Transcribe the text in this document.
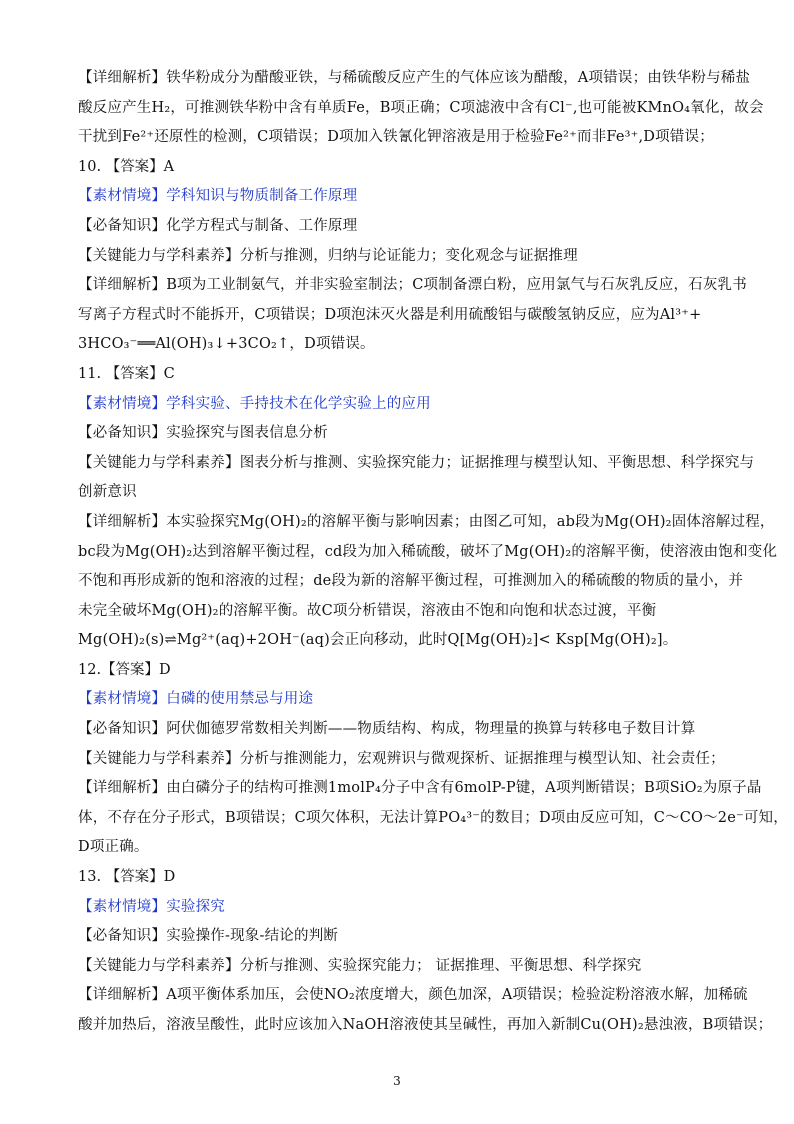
【详细解析】铁华粉成分为醋酸亚铁，与稀硫酸反应产生的气体应该为醋酸，A项错误；由铁华粉与稀盐
酸反应产生H₂，可推测铁华粉中含有单质Fe，B项正确；C项滤液中含有Cl⁻,也可能被KMnO₄氧化，故会
干扰到Fe²⁺还原性的检测，C项错误；D项加入铁氰化钾溶液是用于检验Fe²⁺而非Fe³⁺,D项错误；
10. 【答案】A
【素材情境】学科知识与物质制备工作原理
【必备知识】化学方程式与制备、工作原理
【关键能力与学科素养】分析与推测，归纳与论证能力；变化观念与证据推理
【详细解析】B项为工业制氨气，并非实验室制法；C项制备漂白粉，应用氯气与石灰乳反应，石灰乳书
写离子方程式时不能拆开，C项错误；D项泡沫灭火器是利用硫酸铝与碳酸氢钠反应，应为Al³⁺+
3HCO₃⁻══Al(OH)₃↓+3CO₂↑，D项错误。
11. 【答案】C
【素材情境】学科实验、手持技术在化学实验上的应用
【必备知识】实验探究与图表信息分析
【关键能力与学科素养】图表分析与推测、实验探究能力；证据推理与模型认知、平衡思想、科学探究与
创新意识
【详细解析】本实验探究Mg(OH)₂的溶解平衡与影响因素；由图乙可知，ab段为Mg(OH)₂固体溶解过程，
bc段为Mg(OH)₂达到溶解平衡过程，cd段为加入稀硫酸，破坏了Mg(OH)₂的溶解平衡，使溶液由饱和变化
不饱和再形成新的饱和溶液的过程；de段为新的溶解平衡过程，可推测加入的稀硫酸的物质的量小，并
未完全破坏Mg(OH)₂的溶解平衡。故C项分析错误，溶液由不饱和向饱和状态过渡，平衡
Mg(OH)₂(s)⇌Mg²⁺(aq)+2OH⁻(aq)会正向移动，此时Q[Mg(OH)₂]< Ksp[Mg(OH)₂]。
12.【答案】D
【素材情境】白磷的使用禁忌与用途
【必备知识】阿伏伽德罗常数相关判断——物质结构、构成，物理量的换算与转移电子数目计算
【关键能力与学科素养】分析与推测能力，宏观辨识与微观探析、证据推理与模型认知、社会责任；
【详细解析】由白磷分子的结构可推测1molP₄分子中含有6molP-P键，A项判断错误；B项SiO₂为原子晶
体，不存在分子形式，B项错误；C项欠体积，无法计算PO₄³⁻的数目；D项由反应可知，C～CO～2e⁻可知，
D项正确。
13. 【答案】D
【素材情境】实验探究
【必备知识】实验操作-现象-结论的判断
【关键能力与学科素养】分析与推测、实验探究能力； 证据推理、平衡思想、科学探究
【详细解析】A项平衡体系加压，会使NO₂浓度增大，颜色加深，A项错误；检验淀粉溶液水解，加稀硫
酸并加热后，溶液呈酸性，此时应该加入NaOH溶液使其呈碱性，再加入新制Cu(OH)₂悬浊液，B项错误；
3
